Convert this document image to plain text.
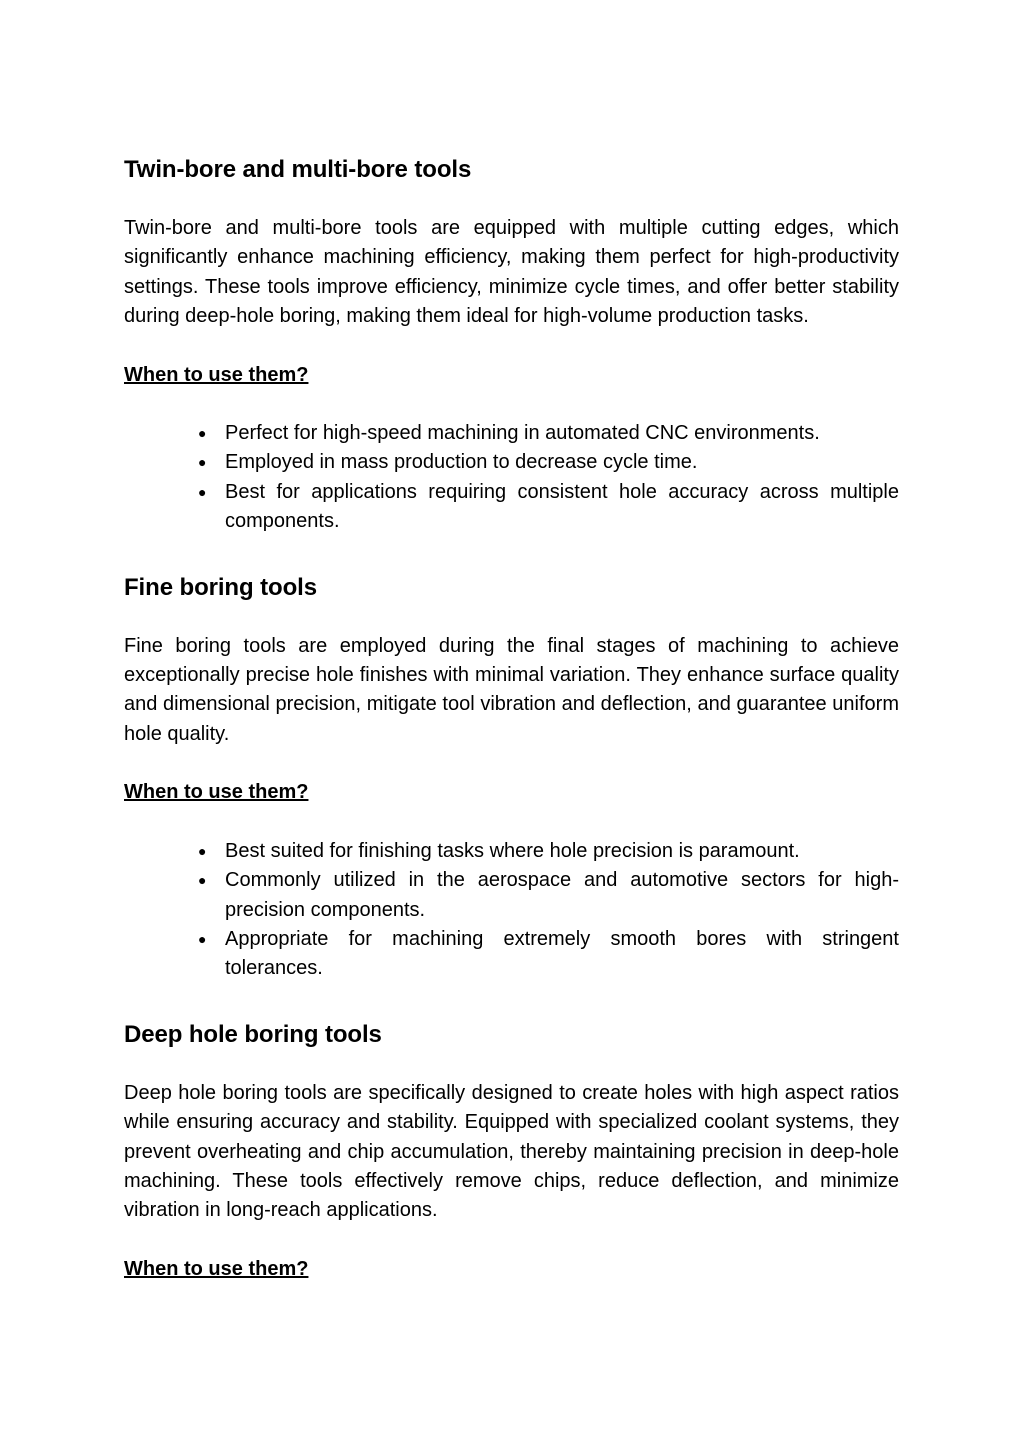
Twin-bore and multi-bore tools

Twin-bore and multi-bore tools are equipped with multiple cutting edges, which significantly enhance machining efficiency, making them perfect for high-productivity settings. These tools improve efficiency, minimize cycle times, and offer better stability during deep-hole boring, making them ideal for high-volume production tasks.

When to use them?

● Perfect for high-speed machining in automated CNC environments.
● Employed in mass production to decrease cycle time.
● Best for applications requiring consistent hole accuracy across multiple components.
Fine boring tools

Fine boring tools are employed during the final stages of machining to achieve exceptionally precise hole finishes with minimal variation. They enhance surface quality and dimensional precision, mitigate tool vibration and deflection, and guarantee uniform hole quality.

When to use them?

● Best suited for finishing tasks where hole precision is paramount.
● Commonly utilized in the aerospace and automotive sectors for high-precision components.
● Appropriate for machining extremely smooth bores with stringent tolerances.
Deep hole boring tools

Deep hole boring tools are specifically designed to create holes with high aspect ratios while ensuring accuracy and stability. Equipped with specialized coolant systems, they prevent overheating and chip accumulation, thereby maintaining precision in deep-hole machining. These tools effectively remove chips, reduce deflection, and minimize vibration in long-reach applications.

When to use them?
